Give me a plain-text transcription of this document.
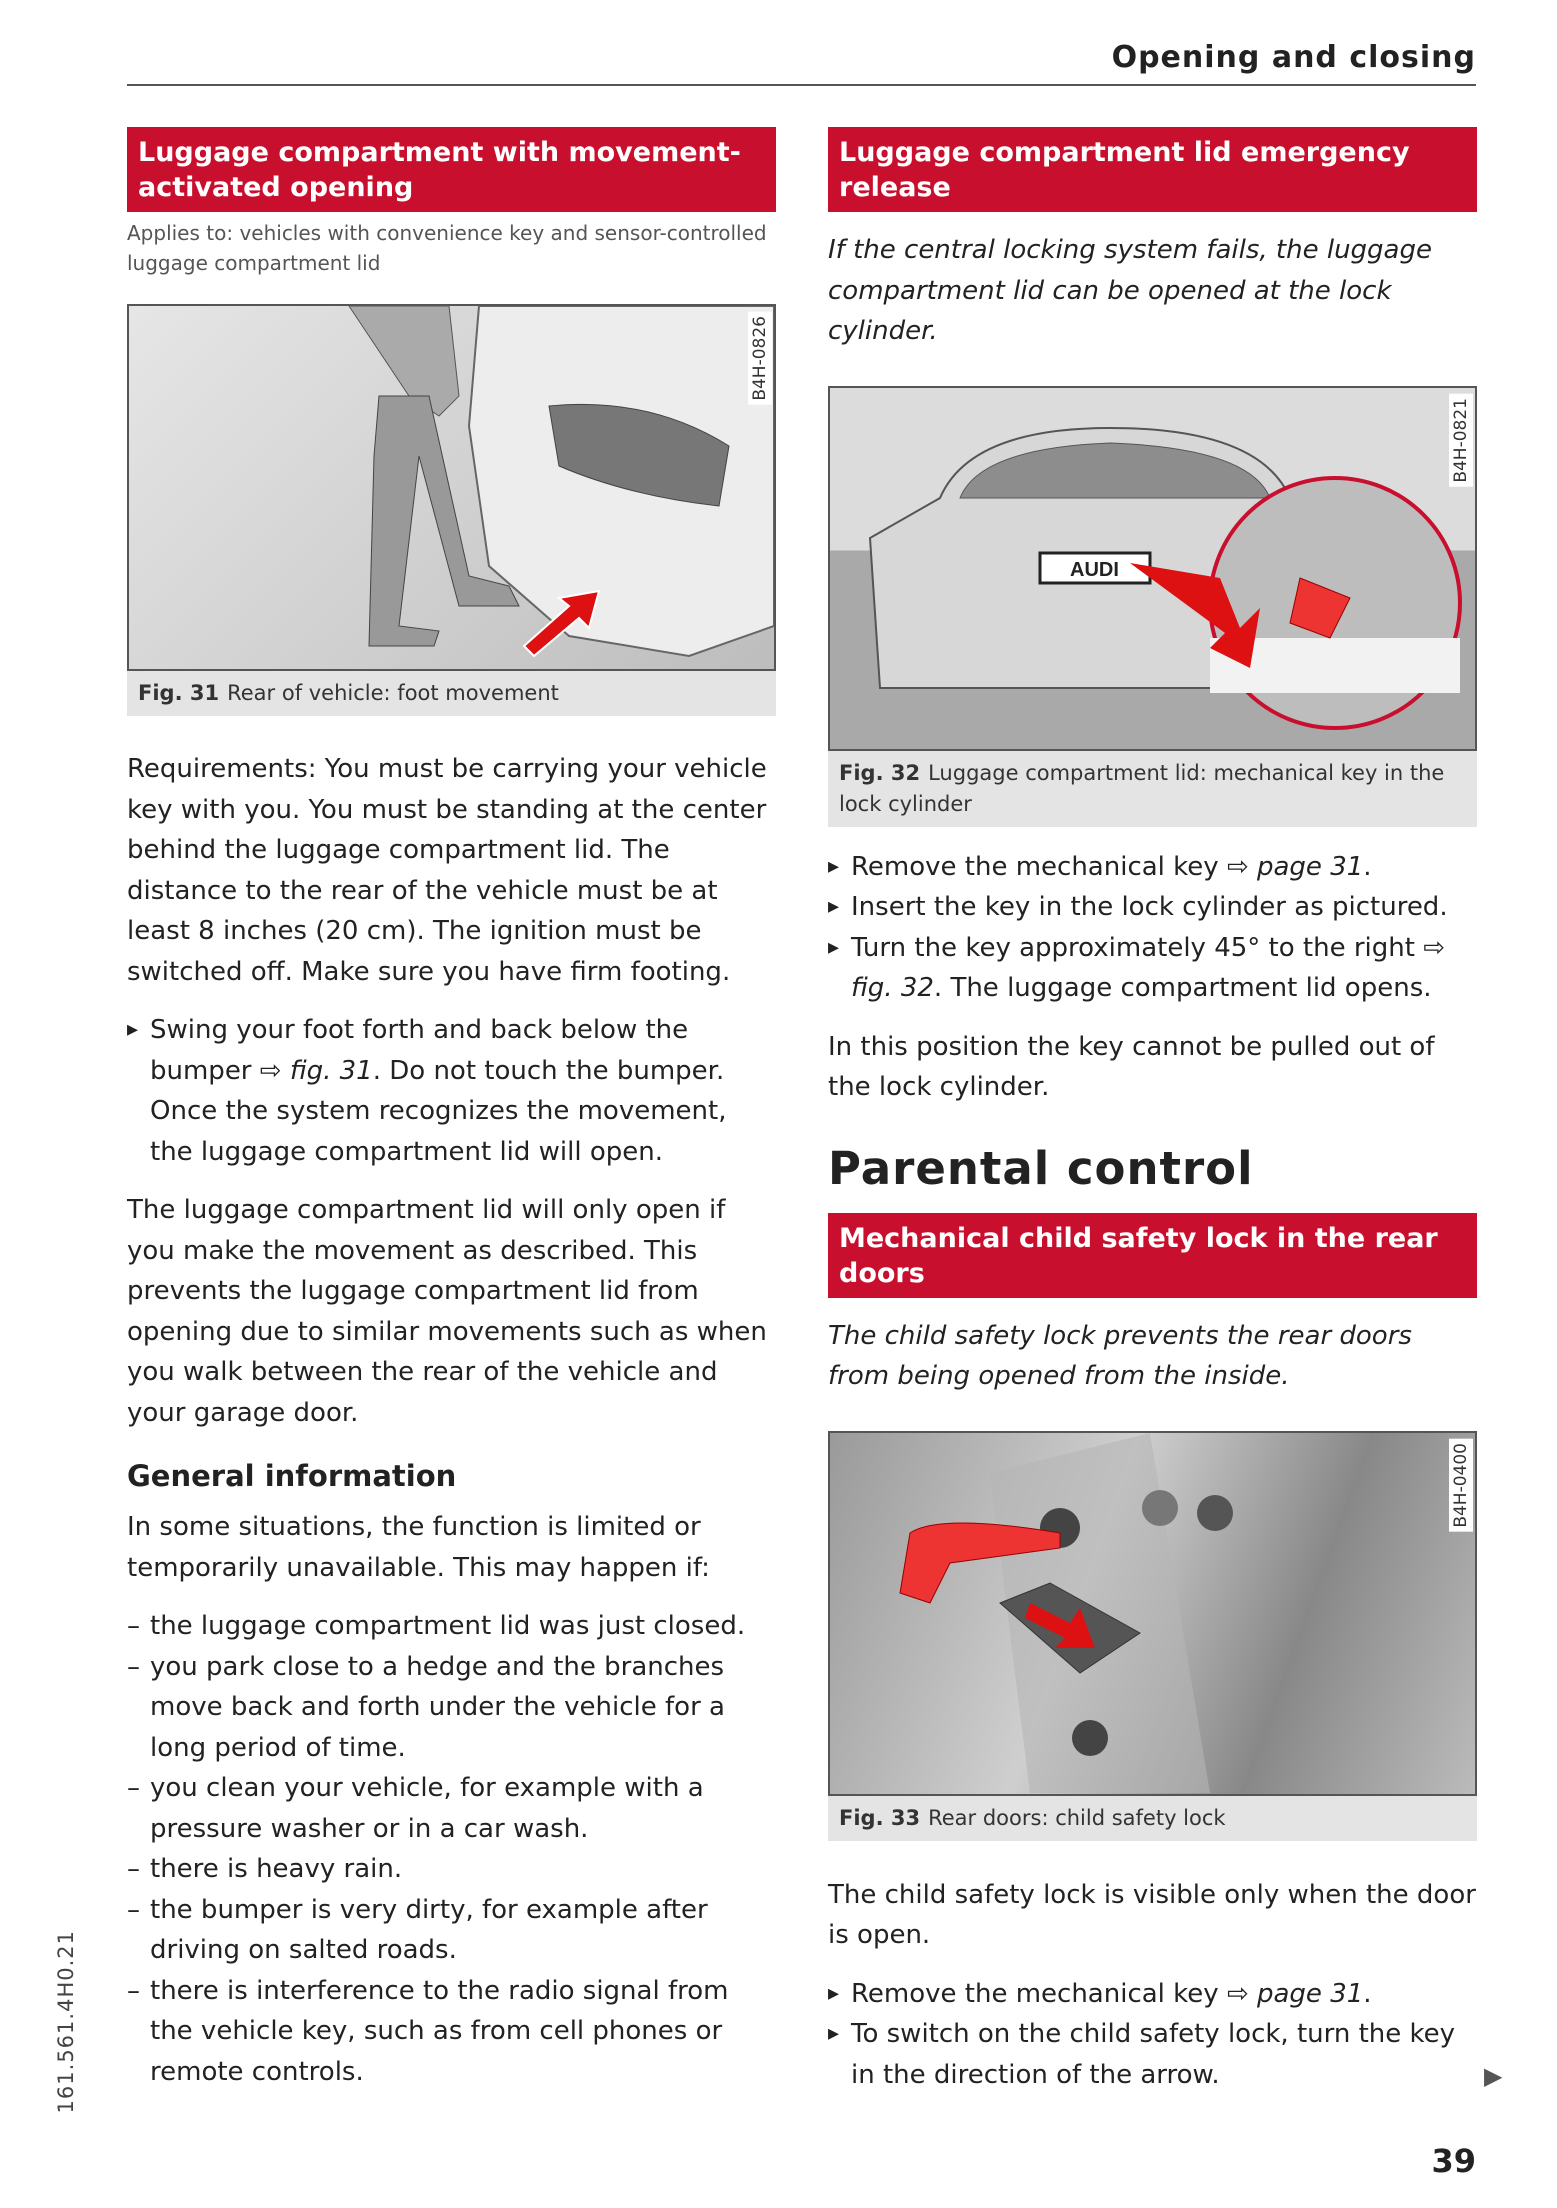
Opening and closing
Luggage compartment with movement-activated opening
Applies to: vehicles with convenience key and sensor-controlled luggage compartment lid
B4H-0826
Fig. 31 Rear of vehicle: foot movement

Requirements: You must be carrying your vehicle key with you. You must be standing at the center behind the luggage compartment lid. The distance to the rear of the vehicle must be at least 8 inches (20 cm). The ignition must be switched off. Make sure you have firm footing.

▸ Swing your foot forth and back below the bumper ⇨ fig. 31. Do not touch the bumper. Once the system recognizes the movement, the luggage compartment lid will open.

The luggage compartment lid will only open if you make the movement as described. This prevents the luggage compartment lid from opening due to similar movements such as when you walk between the rear of the vehicle and your garage door.

General information

In some situations, the function is limited or temporarily unavailable. This may happen if:

– the luggage compartment lid was just closed.

– you park close to a hedge and the branches move back and forth under the vehicle for a long period of time.

– you clean your vehicle, for example with a pressure washer or in a car wash.

– there is heavy rain.

– the bumper is very dirty, for example after driving on salted roads.

– there is interference to the radio signal from the vehicle key, such as from cell phones or remote controls.

Luggage compartment lid emergency release

If the central locking system fails, the luggage compartment lid can be opened at the lock cylinder.

AUDI
B4H-0821
Fig. 32 Luggage compartment lid: mechanical key in the lock cylinder

▸ Remove the mechanical key ⇨ page 31.

▸ Insert the key in the lock cylinder as pictured.

▸ Turn the key approximately 45° to the right ⇨ fig. 32. The luggage compartment lid opens.

In this position the key cannot be pulled out of the lock cylinder.

Parental control
Mechanical child safety lock in the rear doors

The child safety lock prevents the rear doors from being opened from the inside.

B4H-0400
Fig. 33 Rear doors: child safety lock

The child safety lock is visible only when the door is open.

▸ Remove the mechanical key ⇨ page 31.

▸ To switch on the child safety lock, turn the key in the direction of the arrow.

161.561.4H0.21	▶
39
